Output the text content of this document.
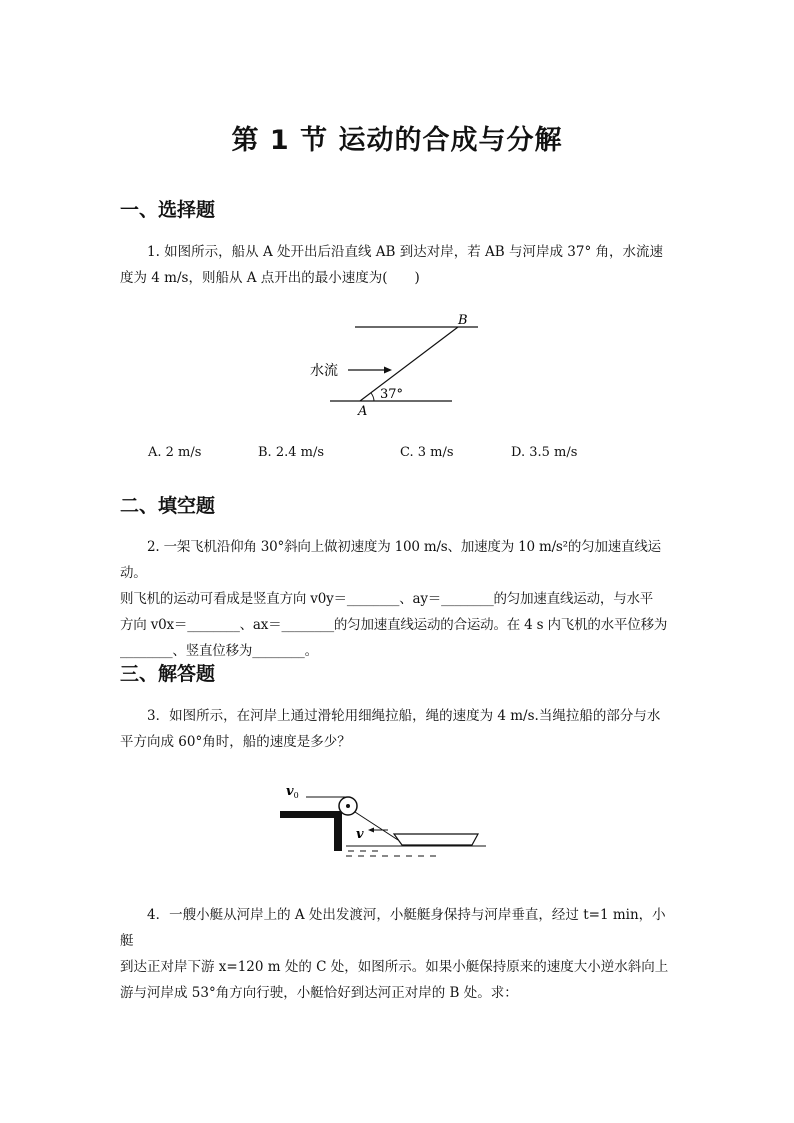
第 1 节 运动的合成与分解
一、选择题
1. 如图所示，船从 A 处开出后沿直线 AB 到达对岸，若 AB 与河岸成 37° 角，水流速
度为 4 m/s，则船从 A 点开出的最小速度为(　　)
水流
37°
A
B
A. 2 m/s	B. 2.4 m/s	C. 3 m/s	D. 3.5 m/s
二、填空题
2. 一架飞机沿仰角 30°斜向上做初速度为 100 m/s、加速度为 10 m/s²的匀加速直线运动。
则飞机的运动可看成是竖直方向 v0y＝________、ay＝________的匀加速直线运动，与水平
方向 v0x＝________、ax＝________的匀加速直线运动的合运动。在 4 s 内飞机的水平位移为
________、竖直位移为________。
三、解答题
3．如图所示，在河岸上通过滑轮用细绳拉船，绳的速度为 4 m/s.当绳拉船的部分与水
平方向成 60°角时，船的速度是多少？
$v_0$
v
4．一艘小艇从河岸上的 A 处出发渡河，小艇艇身保持与河岸垂直，经过 t=1 min，小艇
到达正对岸下游 x=120 m 处的 C 处，如图所示。如果小艇保持原来的速度大小逆水斜向上
游与河岸成 53°角方向行驶，小艇恰好到达河正对岸的 B 处。求：
